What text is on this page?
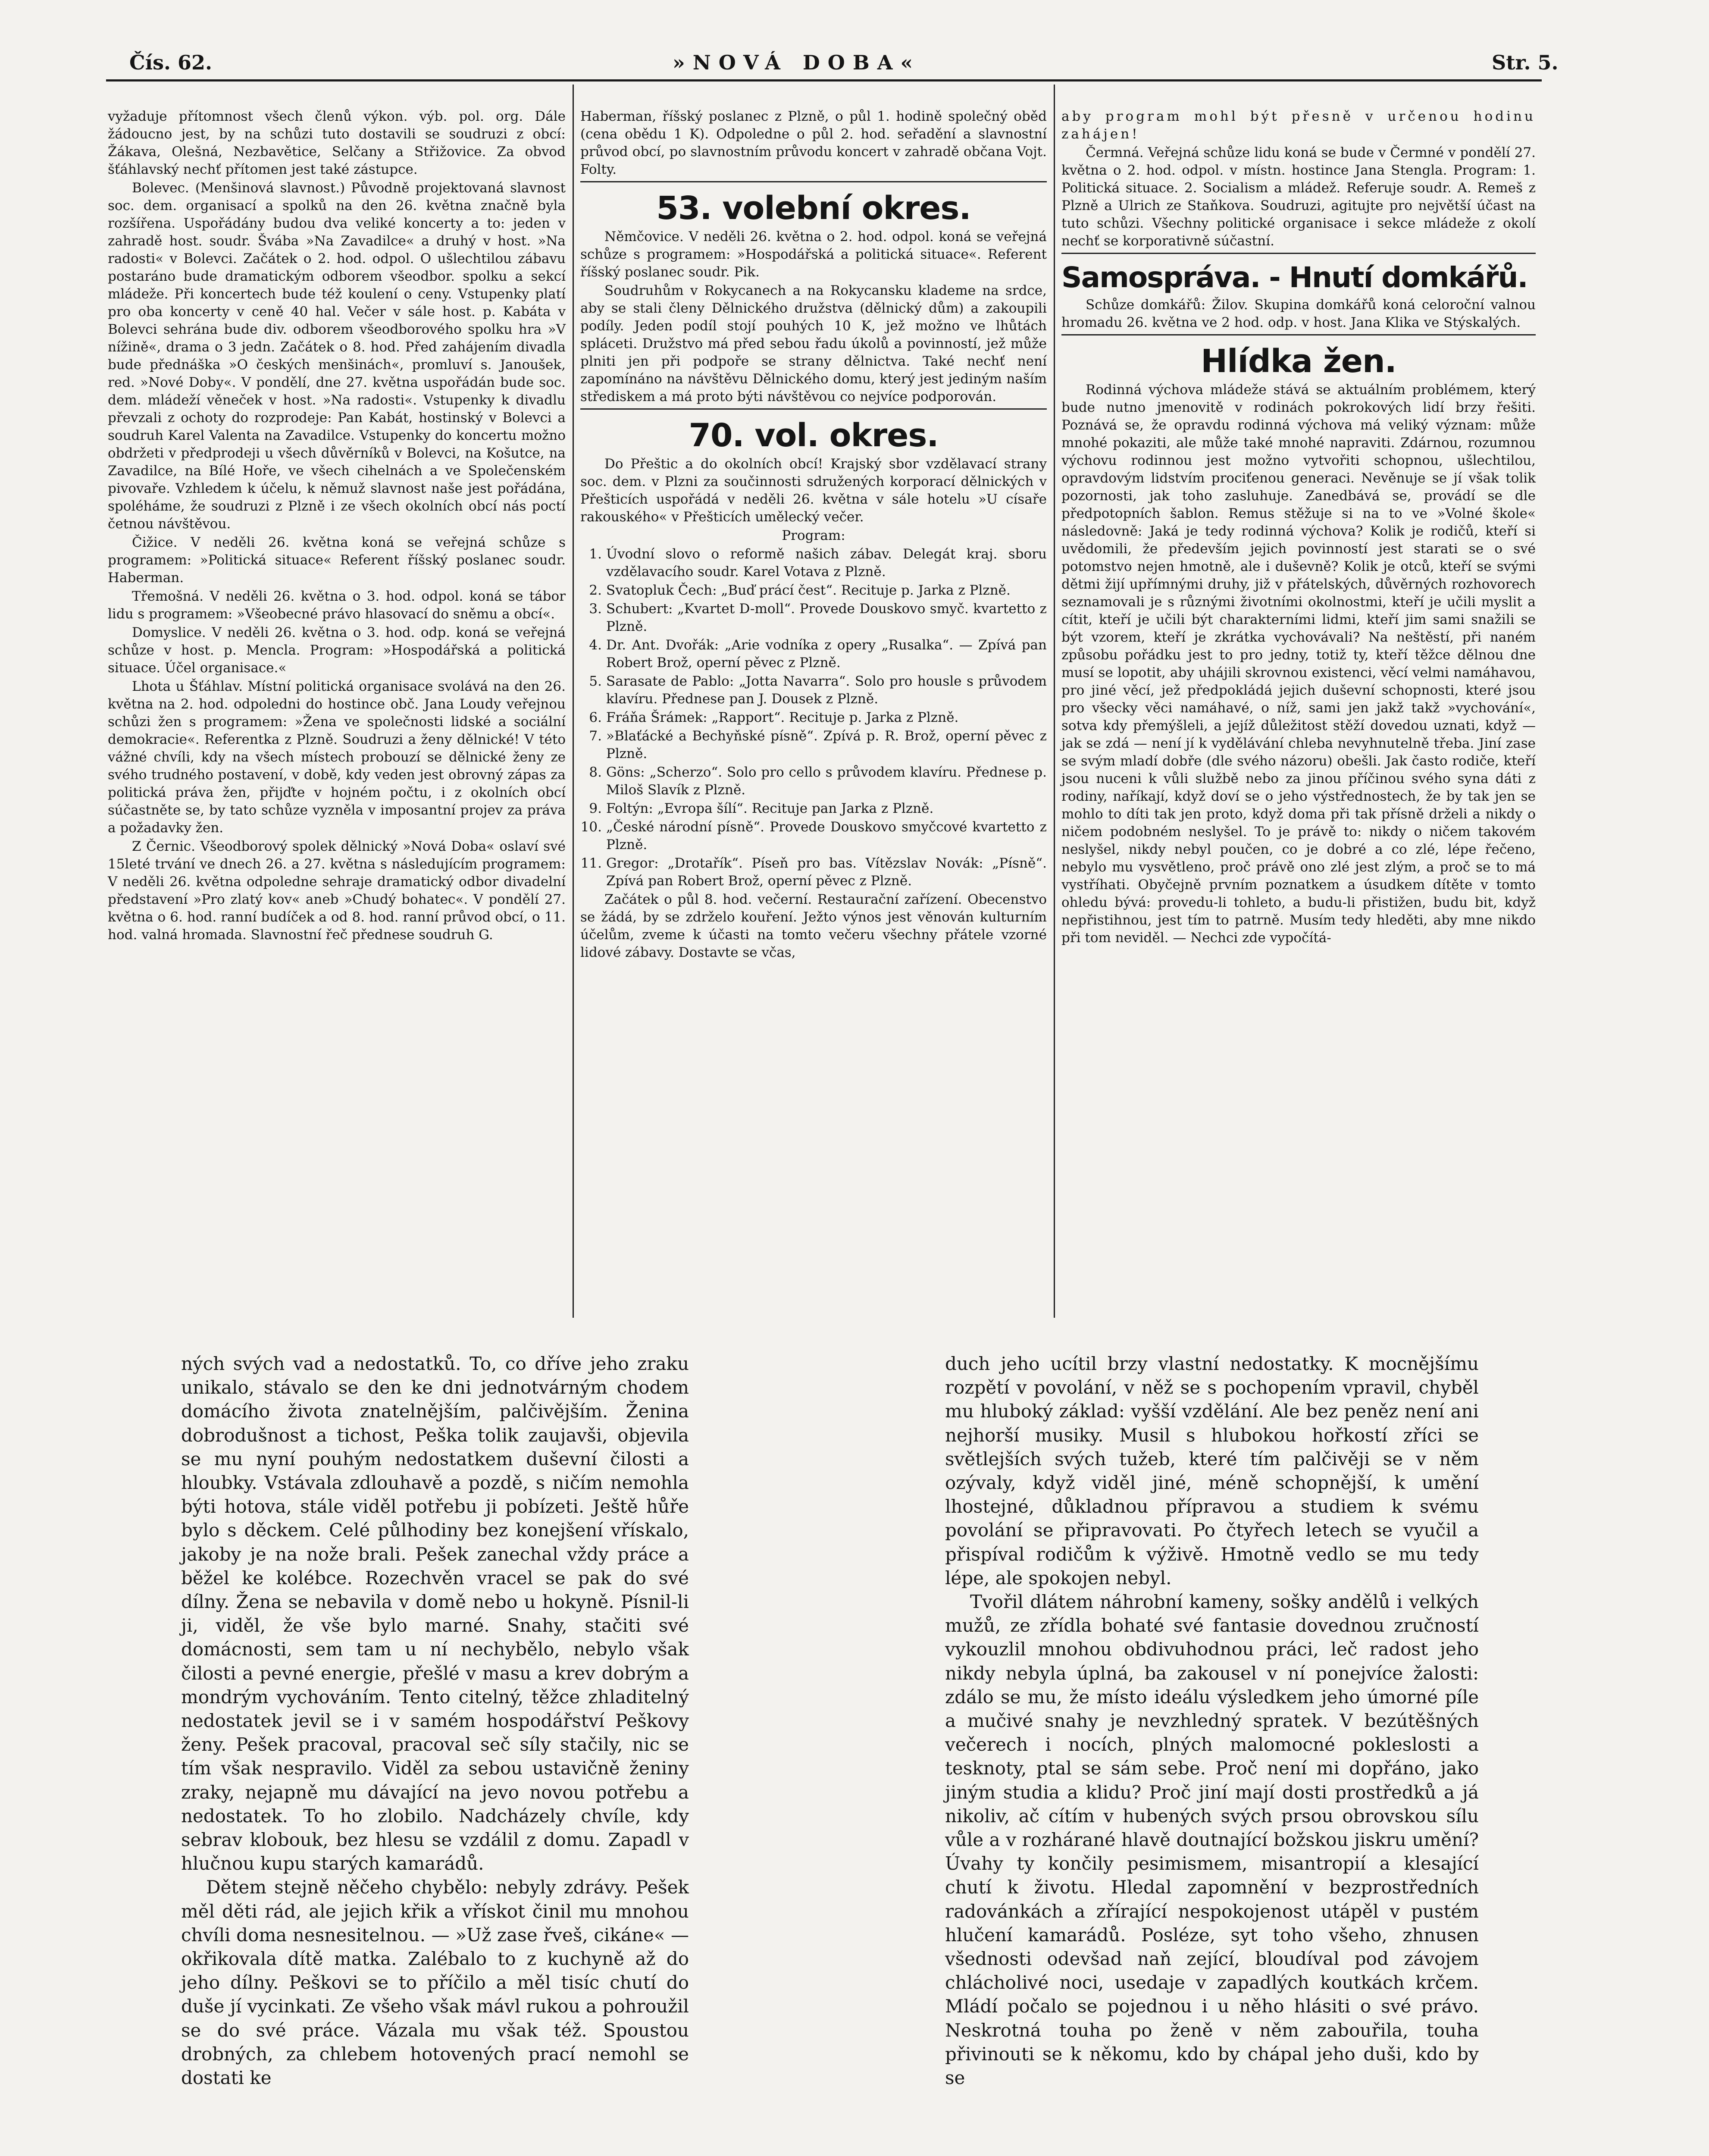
Čís. 62.	»NOVÁ DOBA«	Str. 5.

vyžaduje přítomnost všech členů výkon. výb. pol. org. Dále žádoucno jest, by na schůzi tuto dostavili se soudruzi z obcí: Žákava, Olešná, Nezbavětice, Selčany a Střižovice. Za obvod šťáhlavský nechť přítomen jest také zástupce.

Bolevec. (Menšinová slavnost.) Původně projektovaná slavnost soc. dem. organisací a spolků na den 26. května značně byla rozšířena. Uspořádány budou dva veliké koncerty a to: jeden v zahradě host. soudr. Švába »Na Zavadilce« a druhý v host. »Na radosti« v Bolevci. Začátek o 2. hod. odpol. O ušlechtilou zábavu postaráno bude dramatickým odborem všeodbor. spolku a sekcí mládeže. Při koncertech bude též koulení o ceny. Vstupenky platí pro oba koncerty v ceně 40 hal. Večer v sále host. p. Kabáta v Bolevci sehrána bude div. odborem všeodborového spolku hra »V nížině«, drama o 3 jedn. Začátek o 8. hod. Před zahájením divadla bude přednáška »O českých menšinách«, promluví s. Janoušek, red. »Nové Doby«. V pondělí, dne 27. května uspořádán bude soc. dem. mládeží věneček v host. »Na radosti«. Vstupenky k divadlu převzali z ochoty do rozprodeje: Pan Kabát, hostinský v Bolevci a soudruh Karel Valenta na Zavadilce. Vstupenky do koncertu možno obdržeti v předprodeji u všech důvěrníků v Bolevci, na Košutce, na Zavadilce, na Bílé Hoře, ve všech cihelnách a ve Společenském pivovaře. Vzhledem k účelu, k němuž slavnost naše jest pořádána, spoléháme, že soudruzi z Plzně i ze všech okolních obcí nás poctí četnou návštěvou.

Čižice. V neděli 26. května koná se veřejná schůze s programem: »Politická situace« Referent říšský poslanec soudr. Haberman.

Třemošná. V neděli 26. května o 3. hod. odpol. koná se tábor lidu s programem: »Všeobecné právo hlasovací do sněmu a obcí«.

Domyslice. V neděli 26. května o 3. hod. odp. koná se veřejná schůze v host. p. Mencla. Program: »Hospodářská a politická situace. Účel organisace.«

Lhota u Šťáhlav. Místní politická organisace svolává na den 26. května na 2. hod. odpoledni do hostince obč. Jana Loudy veřejnou schůzi žen s programem: »Žena ve společnosti lidské a sociální demokracie«. Referentka z Plzně. Soudruzi a ženy dělnické! V této vážné chvíli, kdy na všech místech probouzí se dělnické ženy ze svého trudného postavení, v době, kdy veden jest obrovný zápas za politická práva žen, přijďte v hojném počtu, i z okolních obcí súčastněte se, by tato schůze vyzněla v imposantní projev za práva a požadavky žen.

Z Černic. Všeodborový spolek dělnický »Nová Doba« oslaví své 15leté trvání ve dnech 26. a 27. května s následujícím programem: V neděli 26. května odpoledne sehraje dramatický odbor divadelní představení »Pro zlatý kov« aneb »Chudý bohatec«. V pondělí 27. května o 6. hod. ranní budíček a od 8. hod. ranní průvod obcí, o 11. hod. valná hromada. Slavnostní řeč přednese soudruh G.

Haberman, říšský poslanec z Plzně, o půl 1. hodině společný oběd (cena obědu 1 K). Odpoledne o půl 2. hod. seřadění a slavnostní průvod obcí, po slavnostním průvodu koncert v zahradě občana Vojt. Folty.

53. volební okres.

Němčovice. V neděli 26. května o 2. hod. odpol. koná se veřejná schůze s programem: »Hospodářská a politická situace«. Referent říšský poslanec soudr. Pik.

Soudruhům v Rokycanech a na Rokycansku klademe na srdce, aby se stali členy Dělnického družstva (dělnický dům) a zakoupili podíly. Jeden podíl stojí pouhých 10 K, jež možno ve lhůtách spláceti. Družstvo má před sebou řadu úkolů a povinností, jež může plniti jen při podpoře se strany dělnictva. Také nechť není zapomínáno na návštěvu Dělnického domu, který jest jediným naším střediskem a má proto býti návštěvou co nejvíce podporován.

70. vol. okres.

Do Přeštic a do okolních obcí! Krajský sbor vzdělavací strany soc. dem. v Plzni za součinnosti sdružených korporací dělnických v Přešticích uspořádá v neděli 26. května v sále hotelu »U císaře rakouského« v Přešticích umělecký večer.

Program:

1. Úvodní slovo o reformě našich zábav. Delegát kraj. sboru vzdělavacího soudr. Karel Votava z Plzně.

2. Svatopluk Čech: „Buď prácí čest“. Recituje p. Jarka z Plzně.

3. Schubert: „Kvartet D-moll“. Provede Douskovo smyč. kvartetto z Plzně.

4. Dr. Ant. Dvořák: „Arie vodníka z opery „Rusalka“. — Zpívá pan Robert Brož, operní pěvec z Plzně.

5. Sarasate de Pablo: „Jotta Navarra“. Solo pro housle s průvodem klavíru. Přednese pan J. Dousek z Plzně.

6. Fráňa Šrámek: „Rapport“. Recituje p. Jarka z Plzně.

7. »Blaťácké a Bechyňské písně“. Zpívá p. R. Brož, operní pěvec z Plzně.

8. Göns: „Scherzo“. Solo pro cello s průvodem klavíru. Přednese p. Miloš Slavík z Plzně.

9. Foltýn: „Evropa šílí“. Recituje pan Jarka z Plzně.

10. „České národní písně“. Provede Douskovo smyčcové kvartetto z Plzně.

11. Gregor: „Drotařík“. Píseň pro bas. Vítězslav Novák: „Písně“. Zpívá pan Robert Brož, operní pěvec z Plzně.

Začátek o půl 8. hod. večerní. Restaurační zařízení. Obecenstvo se žádá, by se zdrželo kouření. Ježto výnos jest věnován kulturním účelům, zveme k účasti na tomto večeru všechny přátele vzorné lidové zábavy. Dostavte se včas,

aby program mohl být přesně v určenou hodinu zahájen!

Čermná. Veřejná schůze lidu koná se bude v Čermné v pondělí 27. května o 2. hod. odpol. v místn. hostince Jana Stengla. Program: 1. Politická situace. 2. Socialism a mládež. Referuje soudr. A. Remeš z Plzně a Ulrich ze Staňkova. Soudruzi, agitujte pro největší účast na tuto schůzi. Všechny politické organisace i sekce mládeže z okolí nechť se korporativně súčastní.

Samospráva. - Hnutí domkářů.

Schůze domkářů: Žilov. Skupina domkářů koná celoroční valnou hromadu 26. května ve 2 hod. odp. v host. Jana Klika ve Stýskalých.

Hlídka žen.

Rodinná výchova mládeže stává se aktuálním problémem, který bude nutno jmenovitě v rodinách pokrokových lidí brzy řešiti. Poznává se, že opravdu rodinná výchova má veliký význam: může mnohé pokaziti, ale může také mnohé napraviti. Zdárnou, rozumnou výchovu rodinnou jest možno vytvořiti schopnou, ušlechtilou, opravdovým lidstvím prociťenou generaci. Nevěnuje se jí však tolik pozornosti, jak toho zasluhuje. Zanedbává se, provádí se dle předpotopních šablon. Remus stěžuje si na to ve »Volné škole« následovně: Jaká je tedy rodinná výchova? Kolik je rodičů, kteří si uvědomili, že především jejich povinností jest starati se o své potomstvo nejen hmotně, ale i duševně? Kolik je otců, kteří se svými dětmi žijí upřímnými druhy, již v přátelských, důvěrných rozhovorech seznamovali je s různými životními okolnostmi, kteří je učili myslit a cítit, kteří je učili být charakterními lidmi, kteří jim sami snažili se být vzorem, kteří je zkrátka vychovávali? Na neštěstí, při naném způsobu pořádku jest to pro jedny, totiž ty, kteří těžce dělnou dne musí se lopotit, aby uhájili skrovnou existenci, věcí velmi namáhavou, pro jiné věcí, jež předpokládá jejich duševní schopnosti, které jsou pro všecky věci namáhavé, o níž, sami jen jakž takž »vychování«, sotva kdy přemýšleli, a jejíž důležitost stěží dovedou uznati, když — jak se zdá — není jí k vydělávání chleba nevyhnutelně třeba. Jiní zase se svým mladí dobře (dle svého názoru) obešli. Jak často rodiče, kteří jsou nuceni k vůli službě nebo za jinou příčinou svého syna dáti z rodiny, naříkají, když doví se o jeho výstřednostech, že by tak jen se mohlo to díti tak jen proto, když doma při tak přísně drželi a nikdy o ničem podobném neslyšel. To je právě to: nikdy o ničem takovém neslyšel, nikdy nebyl poučen, co je dobré a co zlé, lépe řečeno, nebylo mu vysvětleno, proč právě ono zlé jest zlým, a proč se to má vystříhati. Obyčejně prvním poznatkem a úsudkem dítěte v tomto ohledu bývá: provedu-li tohleto, a budu-li přistižen, budu bit, když nepřistihnou, jest tím to patrně. Musím tedy hleděti, aby mne nikdo při tom neviděl. — Nechci zde vypočítá-

ných svých vad a nedostatků. To, co dříve jeho zraku unikalo, stávalo se den ke dni jednotvárným chodem domácího života znatelnějším, palčivějším. Ženina dobrodušnost a tichost, Peška tolik zaujavši, objevila se mu nyní pouhým nedostatkem duševní čilosti a hloubky. Vstávala zdlouhavě a pozdě, s ničím nemohla býti hotova, stále viděl potřebu ji pobízeti. Ještě hůře bylo s děckem. Celé půlhodiny bez konejšení vřískalo, jakoby je na nože brali. Pešek zanechal vždy práce a běžel ke kolébce. Rozechvěn vracel se pak do své dílny. Žena se nebavila v domě nebo u hokyně. Písnil-li ji, viděl, že vše bylo marné. Snahy, stačiti své domácnosti, sem tam u ní nechybělo, nebylo však čilosti a pevné energie, přešlé v masu a krev dobrým a mondrým vychováním. Tento citelný, těžce zhladitelný nedostatek jevil se i v samém hospodářství Peškovy ženy. Pešek pracoval, pracoval seč síly stačily, nic se tím však nespravilo. Viděl za sebou ustavičně ženiny zraky, nejapně mu dávající na jevo novou potřebu a nedostatek. To ho zlobilo. Nadcházely chvíle, kdy sebrav klobouk, bez hlesu se vzdálil z domu. Zapadl v hlučnou kupu starých kamarádů.

Dětem stejně něčeho chybělo: nebyly zdrávy. Pešek měl děti rád, ale jejich křik a vřískot činil mu mnohou chvíli doma nesnesitelnou. — »Už zase řveš, cikáne« — okřikovala dítě matka. Zalébalo to z kuchyně až do jeho dílny. Peškovi se to příčilo a měl tisíc chutí do duše jí vycinkati. Ze všeho však mávl rukou a pohroužil se do své práce. Vázala mu však též. Spoustou drobných, za chlebem hotovených prací nemohl se dostati ke

duch jeho ucítil brzy vlastní nedostatky. K mocnějšímu rozpětí v povolání, v něž se s pochopením vpravil, chyběl mu hluboký základ: vyšší vzdělání. Ale bez peněz není ani nejhorší musiky. Musil s hlubokou hořkostí zříci se světlejších svých tužeb, které tím palčivěji se v něm ozývaly, když viděl jiné, méně schopnější, k umění lhostejné, důkladnou přípravou a studiem k svému povolání se připravovati. Po čtyřech letech se vyučil a přispíval rodičům k výživě. Hmotně vedlo se mu tedy lépe, ale spokojen nebyl.

Tvořil dlátem náhrobní kameny, sošky andělů i velkých mužů, ze zřídla bohaté své fantasie dovednou zručností vykouzlil mnohou obdivuhodnou práci, leč radost jeho nikdy nebyla úplná, ba zakousel v ní ponejvíce žalosti: zdálo se mu, že místo ideálu výsledkem jeho úmorné píle a mučivé snahy je nevzhledný spratek. V bezútěšných večerech i nocích, plných malomocné pokleslosti a tesknoty, ptal se sám sebe. Proč není mi dopřáno, jako jiným studia a klidu? Proč jiní mají dosti prostředků a já nikoliv, ač cítím v hubených svých prsou obrovskou sílu vůle a v rozhárané hlavě doutnající božskou jiskru umění? Úvahy ty končily pesimismem, misantropií a klesající chutí k životu. Hledal zapomnění v bezprostředních radovánkách a zřírající nespokojenost utápěl v pustém hlučení kamarádů. Posléze, syt toho všeho, zhnusen všednosti odevšad naň zející, bloudíval pod závojem chlácholivé noci, usedaje v zapadlých koutkách krčem. Mládí počalo se pojednou i u něho hlásiti o své právo. Neskrotná touha po ženě v něm zabouřila, touha přivinouti se k někomu, kdo by chápal jeho duši, kdo by se
